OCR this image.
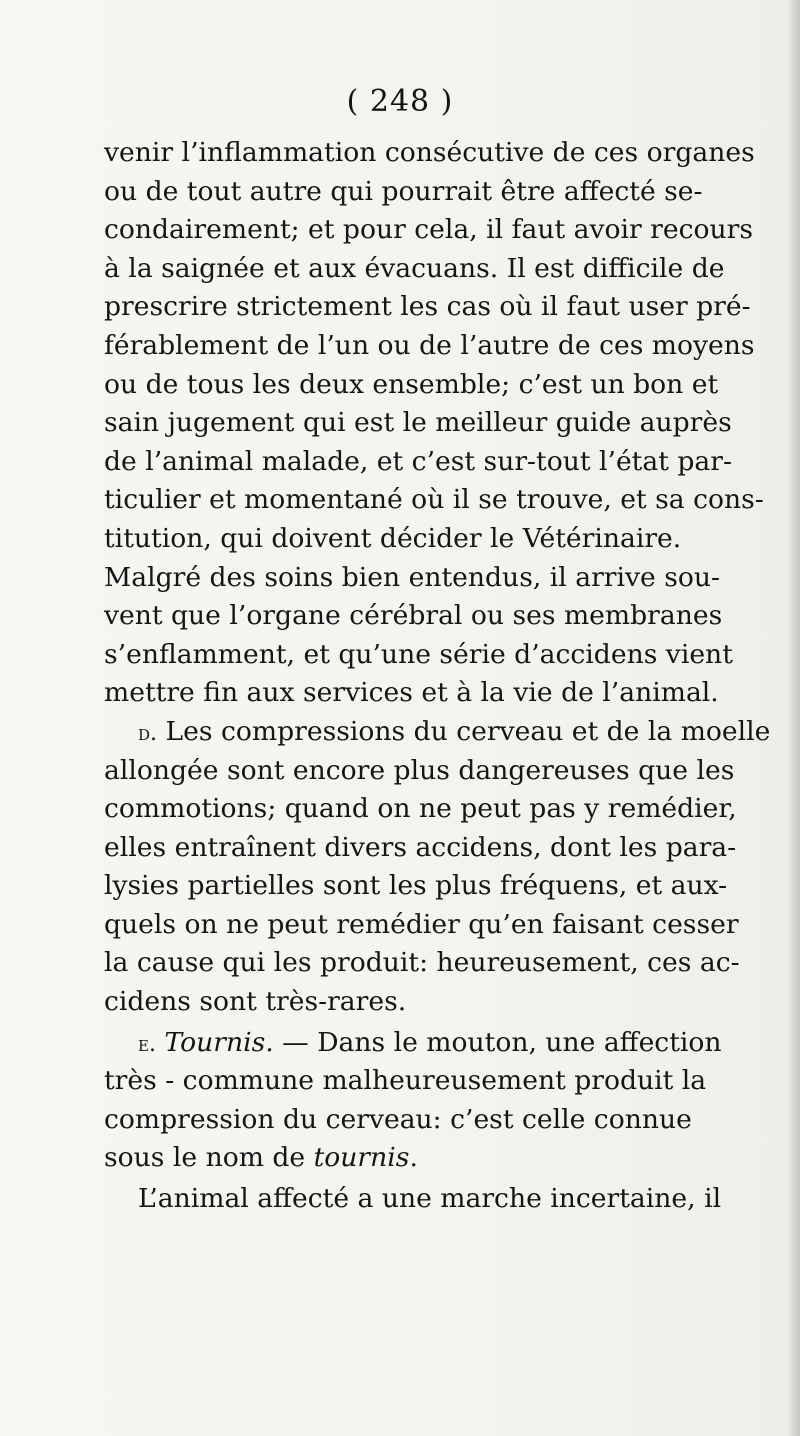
( 248 )
venir l’inflammation consécutive de ces organes
ou de tout autre qui pourrait être affecté se-
condairement; et pour cela, il faut avoir recours
à la saignée et aux évacuans. Il est difficile de
prescrire strictement les cas où il faut user pré-
férablement de l’un ou de l’autre de ces moyens
ou de tous les deux ensemble; c’est un bon et
sain jugement qui est le meilleur guide auprès
de l’animal malade, et c’est sur-tout l’état par-
ticulier et momentané où il se trouve, et sa cons-
titution, qui doivent décider le Vétérinaire.
Malgré des soins bien entendus, il arrive sou-
vent que l’organe cérébral ou ses membranes
s’enflamment, et qu’une série d’accidens vient
mettre fin aux services et à la vie de l’animal.
d. Les compressions du cerveau et de la moelle
allongée sont encore plus dangereuses que les
commotions; quand on ne peut pas y remédier,
elles entraînent divers accidens, dont les para-
lysies partielles sont les plus fréquens, et aux-
quels on ne peut remédier qu’en faisant cesser
la cause qui les produit: heureusement, ces ac-
cidens sont très-rares.
e. Tournis. — Dans le mouton, une affection
très - commune malheureusement produit la
compression du cerveau: c’est celle connue
sous le nom de tournis.
L’animal affecté a une marche incertaine, il
